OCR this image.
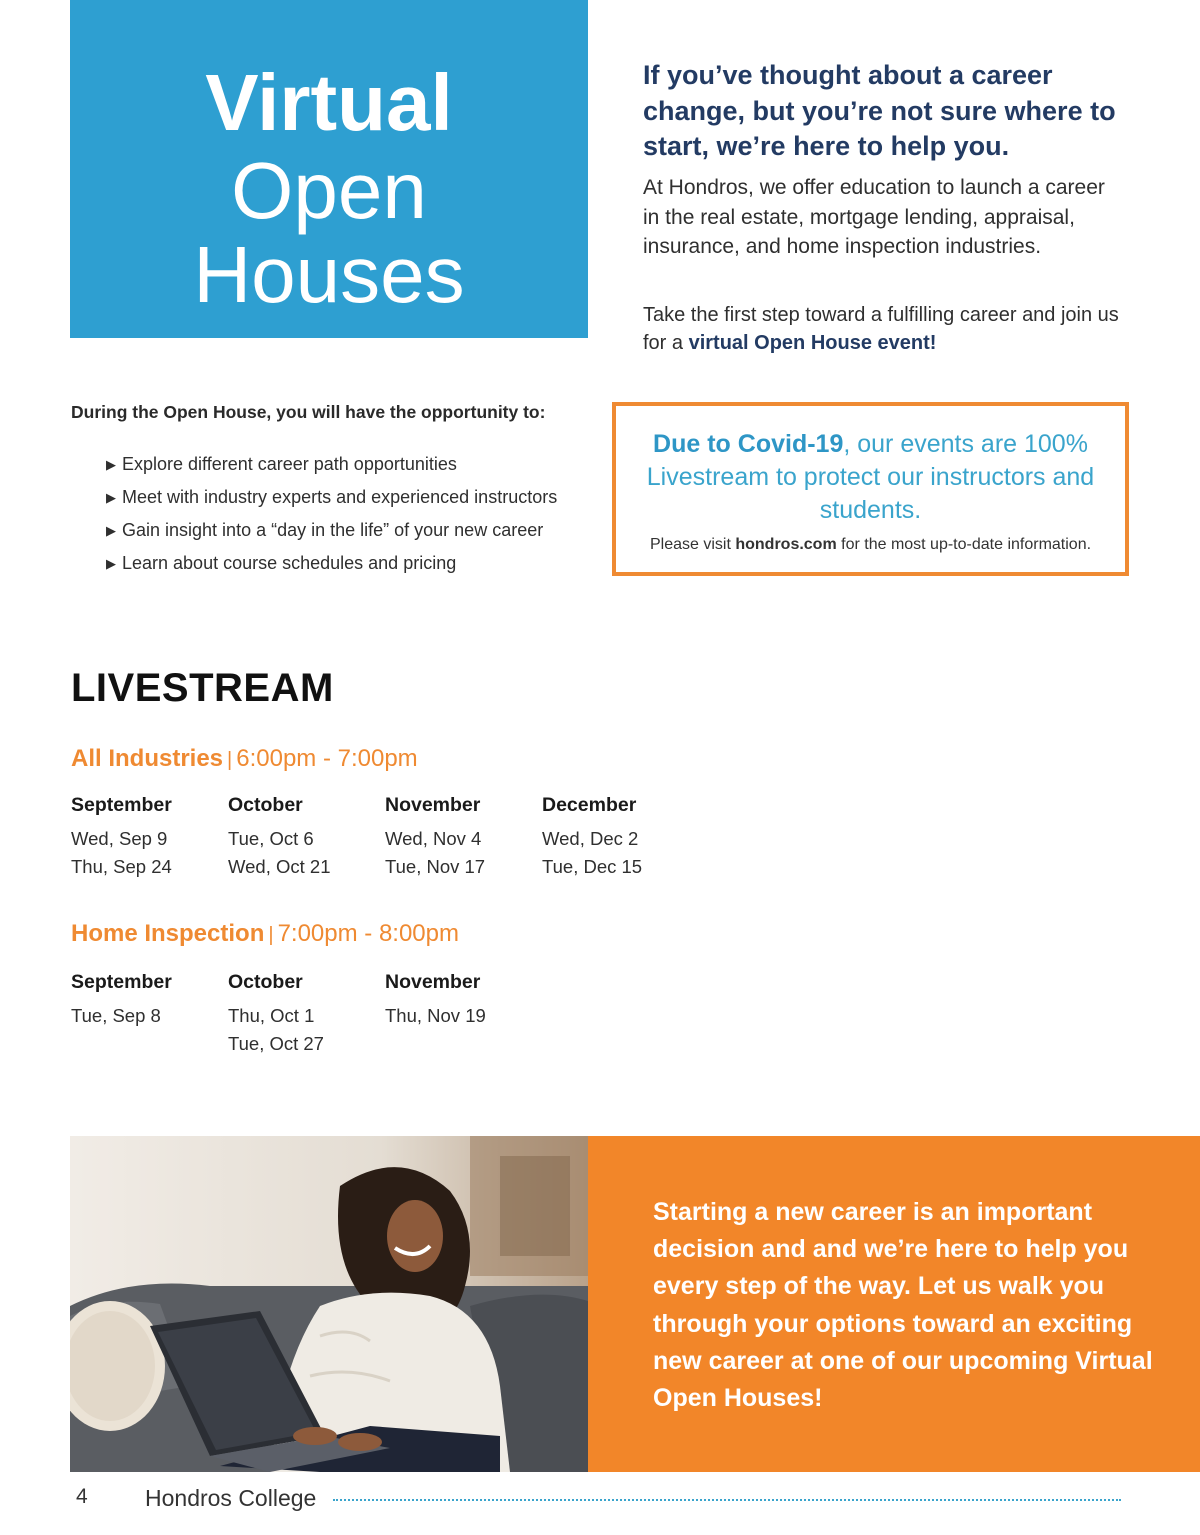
Virtual
Open
Houses
If you’ve thought about a career change, but you’re not sure where to start, we’re here to help you.

At Hondros, we offer education to launch a career in the real estate, mortgage lending, appraisal, insurance, and home inspection industries.

Take the first step toward a fulfilling career and join us for a virtual Open House event!

During the Open House, you will have the opportunity to:
▶ Explore different career path opportunities
▶ Meet with industry experts and experienced instructors
▶ Gain insight into a “day in the life” of your new career
▶ Learn about course schedules and pricing
Due to Covid-19, our events are 100% Livestream to protect our instructors and students.
Please visit hondros.com for the most up-to-date information.
LIVESTREAM
All Industries | 6:00pm - 7:00pm
September
Wed, Sep 9
Thu, Sep 24
October
Tue, Oct 6
Wed, Oct 21
November
Wed, Nov 4
Tue, Nov 17
December
Wed, Dec 2
Tue, Dec 15
Home Inspection | 7:00pm - 8:00pm
September
Tue, Sep 8
October
Thu, Oct 1
Tue, Oct 27
November
Thu, Nov 19
Starting a new career is an important decision and and we’re here to help you every step of the way. Let us walk you through your options toward an exciting new career at one of our upcoming Virtual Open Houses!
4 Hondros College
